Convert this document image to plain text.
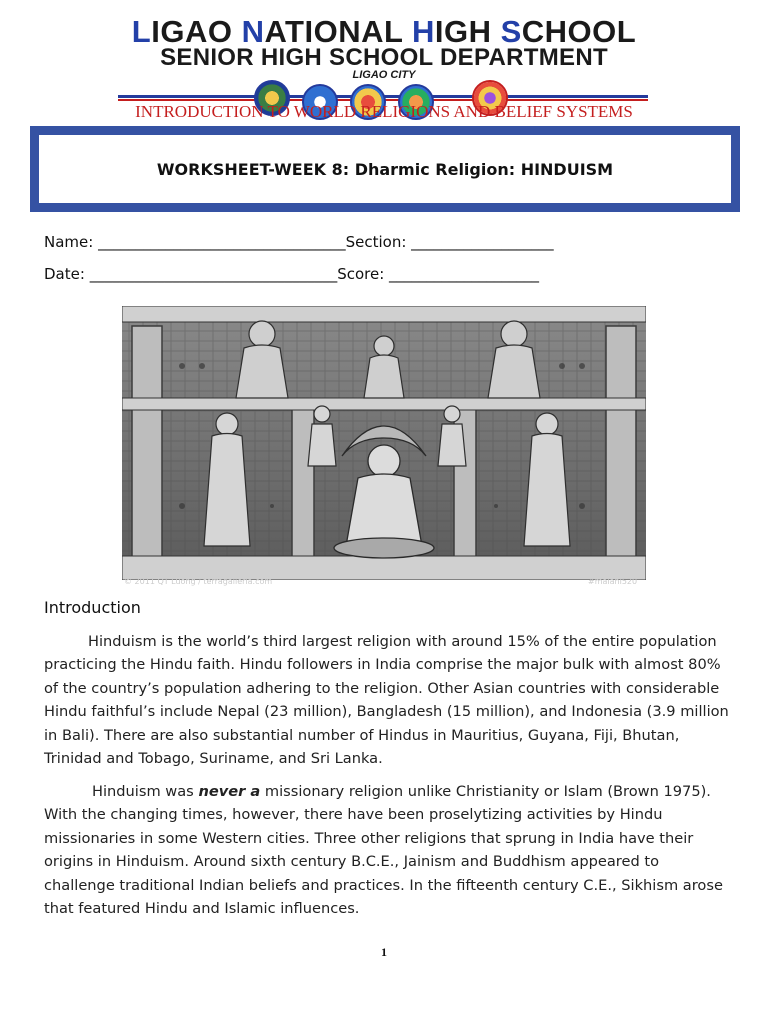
LIGAO NATIONAL HIGH SCHOOL
SENIOR HIGH SCHOOL DEPARTMENT
LIGAO CITY
INTRODUCTION TO WORLD RELIGIONS AND BELIEF SYSTEMS
WORKSHEET-WEEK 8: Dharmic Religion: HINDUISM
Name: _________________________________Section: ___________________
Date: _________________________________Score: ____________________
© 2011 QT Luong / terragalleria.com	#malani520
Introduction
Hinduism is the world’s third largest religion with around 15% of the entire population
practicing the Hindu faith. Hindu followers in India comprise the major bulk with almost 80%
of the country’s population adhering to the religion. Other Asian countries with considerable
Hindu faithful’s include Nepal (23 million), Bangladesh (15 million), and Indonesia (3.9 million
in Bali). There are also substantial number of Hindus in Mauritius, Guyana, Fiji, Bhutan,
Trinidad and Tobago, Suriname, and Sri Lanka.
Hinduism was never a missionary religion unlike Christianity or Islam (Brown 1975).
With the changing times, however, there have been proselytizing activities by Hindu
missionaries in some Western cities. Three other religions that sprung in India have their
origins in Hinduism. Around sixth century B.C.E., Jainism and Buddhism appeared to
challenge traditional Indian beliefs and practices. In the fifteenth century C.E., Sikhism arose
that featured Hindu and Islamic influences.
1
